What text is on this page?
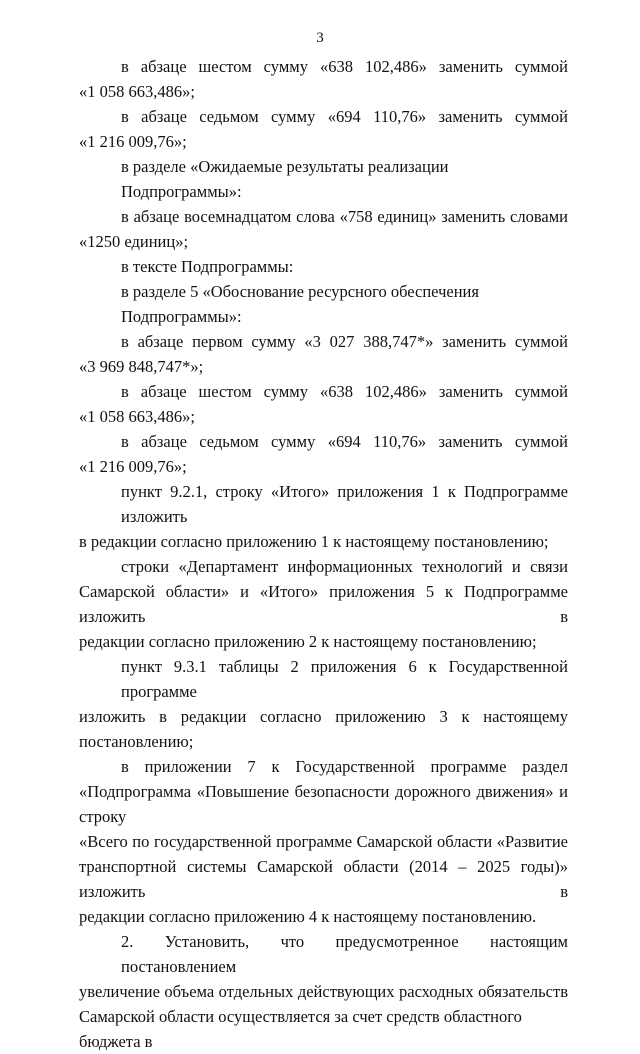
3
в абзаце шестом сумму «638 102,486» заменить суммой
«1 058 663,486»;
в абзаце седьмом сумму «694 110,76» заменить суммой
«1 216 009,76»;
в разделе «Ожидаемые результаты реализации Подпрограммы»:
в абзаце восемнадцатом слова «758 единиц» заменить словами
«1250 единиц»;
в тексте Подпрограммы:
в разделе 5 «Обоснование ресурсного обеспечения Подпрограммы»:
в абзаце первом сумму «3 027 388,747*» заменить суммой
«3 969 848,747*»;
в абзаце шестом сумму «638 102,486» заменить суммой
«1 058 663,486»;
в абзаце седьмом сумму «694 110,76» заменить суммой
«1 216 009,76»;
пункт 9.2.1, строку «Итого» приложения 1 к Подпрограмме изложить
в редакции согласно приложению 1 к настоящему постановлению;
строки «Департамент информационных технологий и связи
Самарской области» и «Итого» приложения 5 к Подпрограмме изложить в
редакции согласно приложению 2 к настоящему постановлению;
пункт 9.3.1 таблицы 2 приложения 6 к Государственной программе
изложить в редакции согласно приложению 3 к настоящему
постановлению;
в приложении 7 к Государственной программе раздел
«Подпрограмма «Повышение безопасности дорожного движения» и строку
«Всего по государственной программе Самарской области «Развитие
транспортной системы Самарской области (2014 – 2025 годы)» изложить в
редакции согласно приложению 4 к настоящему постановлению.
2. Установить, что предусмотренное настоящим постановлением
увеличение объема отдельных действующих расходных обязательств
Самарской области осуществляется за счет средств областного бюджета в
